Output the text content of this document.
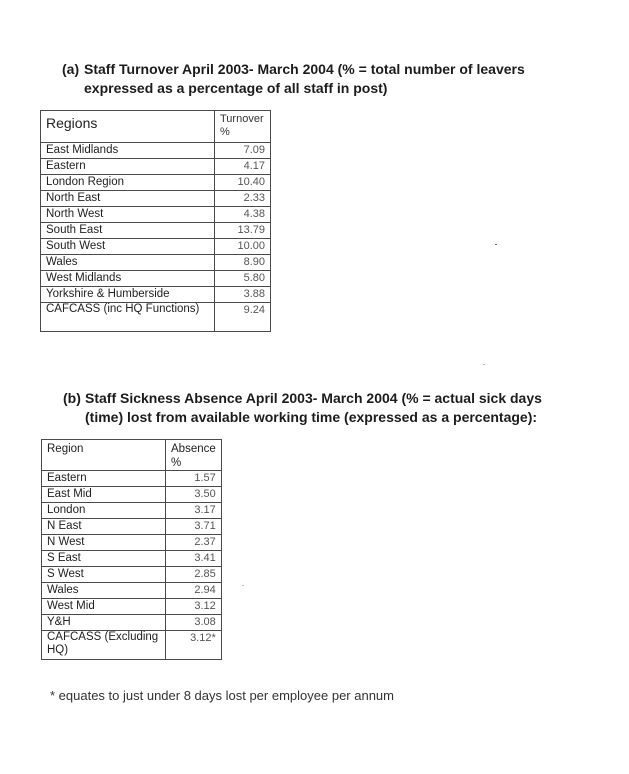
(a) Staff Turnover April 2003- March 2004 (% = total number of leavers
expressed as a percentage of all staff in post)
Regions	Turnover %
East Midlands	7.09
Eastern	4.17
London Region	10.40
North East	2.33
North West	4.38
South East	13.79
South West	10.00
Wales	8.90
West Midlands	5.80
Yorkshire & Humberside	3.88
CAFCASS (inc HQ Functions)	9.24
(b) Staff Sickness Absence April 2003- March 2004 (% = actual sick days
(time) lost from available working time (expressed as a percentage):
Region	Absence %
Eastern	1.57
East Mid	3.50
London	3.17
N East	3.71
N West	2.37
S East	3.41
S West	2.85
Wales	2.94
West Mid	3.12
Y&H	3.08
CAFCASS (Excluding HQ)	3.12*
* equates to just under 8 days lost per employee per annum
